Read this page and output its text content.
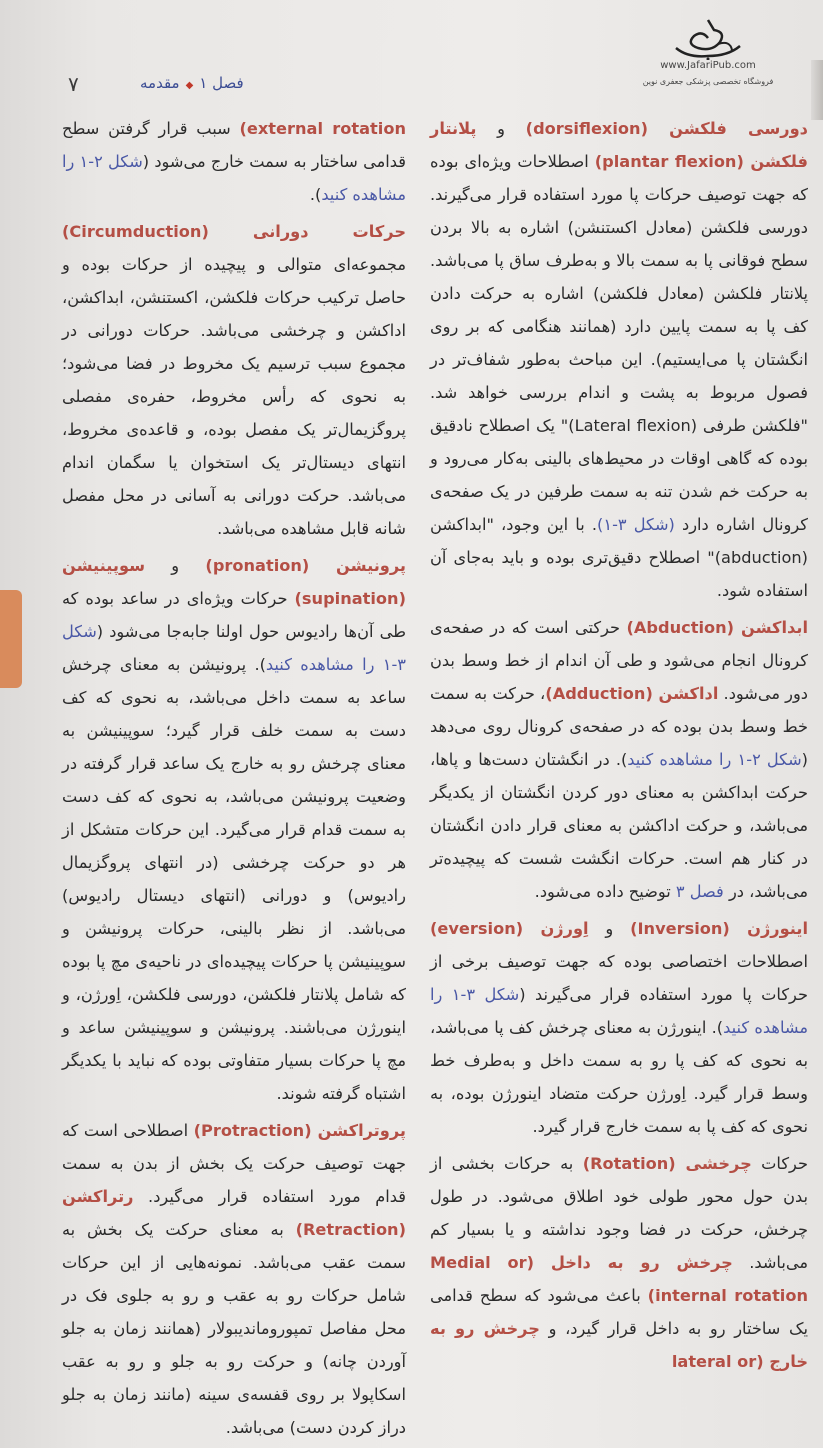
۷	فصل ۱◆مقدمه
www.JafariPub.com
فروشگاه تخصصی پزشکی جعفری نوین

دورسی فلکشن (dorsiflexion) و پلانتار فلکشن (plantar flexion) اصطلاحات ویژه‌ای بوده که جهت توصیف حرکات پا مورد استفاده قرار می‌گیرند. دورسی فلکشن (معادل اکستنشن) اشاره به بالا بردن سطح فوقانی پا به سمت بالا و به‌طرف ساق پا می‌باشد. پلانتار فلکشن (معادل فلکشن) اشاره به حرکت دادن کف پا به سمت پایین دارد (همانند هنگامی که بر روی انگشتان پا می‌ایستیم). این مباحث به‌طور شفاف‌تر در فصول مربوط به پشت و اندام بررسی خواهد شد. "فلکشن طرفی (Lateral flexion)" یک اصطلاح نادقیق بوده که گاهی اوقات در محیط‌های بالینی به‌کار می‌رود و به حرکت خم شدن تنه به سمت طرفین در یک صفحه‌ی کرونال اشاره دارد (شکل ۳-۱). با این وجود، "ابداکشن (abduction)" اصطلاح دقیق‌تری بوده و باید به‌جای آن استفاده شود.

ابداکشن (Abduction) حرکتی است که در صفحه‌ی کرونال انجام می‌شود و طی آن اندام از خط وسط بدن دور می‌شود. اداکشن (Adduction)، حرکت به سمت خط وسط بدن بوده که در صفحه‌ی کرونال روی می‌دهد (شکل ۲-۱ را مشاهده کنید). در انگشتان دست‌ها و پاها، حرکت ابداکشن به معنای دور کردن انگشتان از یکدیگر می‌باشد، و حرکت اداکشن به معنای قرار دادن انگشتان در کنار هم است. حرکات انگشت شست که پیچیده‌تر می‌باشد، در فصل ۳ توضیح داده می‌شود.

اینورژن (Inversion) و اِورژن (eversion) اصطلاحات اختصاصی بوده که جهت توصیف برخی از حرکات پا مورد استفاده قرار می‌گیرند (شکل ۳-۱ را مشاهده کنید). اینورژن به معنای چرخش کف پا می‌باشد، به نحوی که کف پا رو به سمت داخل و به‌طرف خط وسط قرار گیرد. اِورژن حرکت متضاد اینورژن بوده، به نحوی که کف پا به سمت خارج قرار گیرد.

حرکات چرخشی (Rotation) به حرکات بخشی از بدن حول محور طولی خود اطلاق می‌شود. در طول چرخش، حرکت در فضا وجود نداشته و یا بسیار کم می‌باشد. چرخش رو به داخل (Medial or internal rotation) باعث می‌شود که سطح قدامی یک ساختار رو به داخل قرار گیرد، و چرخش رو به خارج (lateral or

external rotation) سبب قرار گرفتن سطح قدامی ساختار به سمت خارج می‌شود (شکل ۲-۱ را مشاهده کنید).

حرکات دورانی (Circumduction) مجموعه‌ای متوالی و پیچیده از حرکات بوده و حاصل ترکیب حرکات فلکشن، اکستنشن، ابداکشن، اداکشن و چرخشی می‌باشد. حرکات دورانی در مجموع سبب ترسیم یک مخروط در فضا می‌شود؛ به نحوی که رأس مخروط، حفره‌ی مفصلی پروگزیمال‌تر یک مفصل بوده، و قاعده‌ی مخروط، انتهای دیستال‌تر یک استخوان یا سگمان اندام می‌باشد. حرکت دورانی به آسانی در محل مفصل شانه قابل مشاهده می‌باشد.

پرونیشن (pronation) و سوپینیشن (supination) حرکات ویژه‌ای در ساعد بوده که طی آن‌ها رادیوس حول اولنا جابه‌جا می‌شود (شکل ۳-۱ را مشاهده کنید). پرونیشن به معنای چرخش ساعد به سمت داخل می‌باشد، به نحوی که کف دست به سمت خلف قرار گیرد؛ سوپینیشن به معنای چرخش رو به خارج یک ساعد قرار گرفته در وضعیت پرونیشن می‌باشد، به نحوی که کف دست به سمت قدام قرار می‌گیرد. این حرکات متشکل از هر دو حرکت چرخشی (در انتهای پروگزیمال رادیوس) و دورانی (انتهای دیستال رادیوس) می‌باشد. از نظر بالینی، حرکات پرونیشن و سوپینیشن پا حرکات پیچیده‌ای در ناحیه‌ی مچ پا بوده که شامل پلانتار فلکشن، دورسی فلکشن، اِورژن، و اینورژن می‌باشند. پرونیشن و سوپینیشن ساعد و مچ پا حرکات بسیار متفاوتی بوده که نباید با یکدیگر اشتباه گرفته شوند.

پروتراکشن (Protraction) اصطلاحی است که جهت توصیف حرکت یک بخش از بدن به سمت قدام مورد استفاده قرار می‌گیرد. رتراکشن (Retraction) به معنای حرکت یک بخش به سمت عقب می‌باشد. نمونه‌هایی از این حرکات شامل حرکات رو به عقب و رو به جلوی فک در محل مفاصل تمپوروماندیبولار (همانند زمان به جلو آوردن چانه) و حرکت رو به جلو و رو به عقب اسکاپولا بر روی قفسه‌ی سینه (مانند زمان به جلو دراز کردن دست) می‌باشد.
